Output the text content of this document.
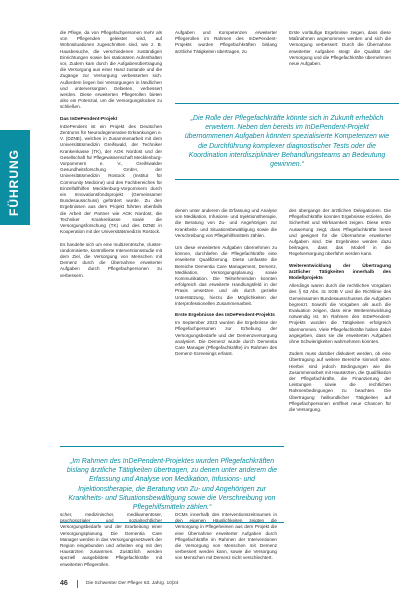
FÜHRUNG

die Pflege, da von Pflegefachpersonen mehr als von Pflegenden geleistet wird, auf Wohnsituationen zugeschnitten sind, wie z. B. Hausbesuche, die verschiedenen zuständigen Einrichtungen sowie bei stationären Aufenthalten vor, Zudem kam durch die Aufgabenübertragung die Versorgung aus einer Hand zustande und die Zugänge zur Versorgung verbesserten sich. Außerdem liegen bei Versorgungen in ländlichen und unterversorgten Gebieten, verbessert werden. Diese erweiterten Pflegerollen bieten also ein Potenzial, um die Versorgungslücken zu schließen.

Das InDePendent-Projekt

InDePendent ist ein Projekt des Deutschen Zentrums für Neurodegenerative Erkrankungen e. V. (DZNE), welches in Zusammenarbeit mit dem Universitätsmedizin Greifswald, der Techniker Krankenkasse (TK), der AOK Nordost und der Gesellschaft für Pflegewissenschaft Mecklenburg-Vorpommern e. V., Greifswalder Gesundheitsforschung GmbH, der Universitätsmedizin Rostock (Institut für Community Medicine) und des Fachbereiches für Einzelfallhilfen Mecklenburg-Vorpommern durch ein Innovationsfondsprojekt (Gemeinsamer Bundesausschuss) gefördert wurde. Zu den Ergebnissen aus dem Projekt führten ebenfalls die Arbeit der Partner wie AOK Nordost, die Techniker Krankenkasse sowie die Versorgungsforschung (TK) und des DZNE in Kooperation mit der Universitätsmedizin Rostock.

Es handelte sich um eine multizentrische, cluster-randomisierte, kontrollierte Interventionsstudie mit dem Ziel, die Versorgung von Menschen mit Demenz durch die Übernahme erweiterter Aufgaben durch Pflegefachpersonen zu verbessern.

Aufgaben und Kompetenzen erweiterter Pflegerollen im Rahmen des InDePendent-Projekts wurden Pflegefachkräften bislang ärztliche Tätigkeiten übertragen, zu

Erste vorläufige Ergebnisse zeigen, dass diese Maßnahmen angenommen werden und sich die Versorgung verbessert: Durch die Übernahme erweiterter Aufgaben steigt die Qualität der Versorgung und die Pflegefachkräfte übernehmen neue Aufgaben.

„Die Rolle der Pflegefachkräfte könnte sich in Zukunft erheblich erweitern. Neben den bereits im InDePendent-Projekt übernommenen Aufgaben könnten spezialisierte Kompetenzen wie die Durchführung komplexer diagnostischer Tests oder die Koordination interdisziplinärer Behandlungsteams an Bedeutung gewinnen.“

denen unter anderem die Erfassung und Analyse von Medikation, Infusions- und Injektionstherapie, die Beratung von Zu- und Angehörigen zur Krankheits- und Situationsbewältigung sowie die Verschreibung von Pflegehilfsmitteln zählen.

Um diese erweiterten Aufgaben übernehmen zu können, durchliefen die Pflegefachkräfte eine erweiterte Qualifizierung. Diese umfasste die Bereiche Dementia Care Management, Demenz, Medikation, Versorgungsplanung sowie Kommunikation. Die Teilnehmenden konnten erfolgreich das erweiterte Handlungsfeld in der Praxis umsetzen und als durch gezielte Unterstützung, hierzu die Möglichkeiten der Interprofessionellen Zusammenarbeit.

Erste Ergebnisse des InDePendent-Projekts

Im September 2023 wurden die Ergebnisse der Pflegefachpersonen zur Erhebung der Versorgungsbedarfe und der Demenzversorgung analysiert. Die Demenz wurde durch Dementia Care Manager (Pflegefachkräfte) im Rahmen des Demenz-Screenings erfasst.

des übergangs der ärztlichen Delegationen. Die Pflegefachkräfte konnten Ergebnisse erzielen, die Sicherheit und Wirksamkeit zeigen. Diese erste Auswertung zeigt, dass Pflegefachkräfte bereit und geeignet für die Übernahme erweiterter Aufgaben sind. Die Ergebnisse werden dazu beitragen, dass das Modell in die Regelversorgung überführt werden kann.

Weiterentwicklung der Übertragung ärztlicher Tätigkeiten innerhalb des Modellprojekts

Allerdings waren durch die rechtlichen Vorgaben des § 63 Abs. 3c SGB V und die Richtlinie des Gemeinsamen Bundesausschusses die Aufgaben begrenzt. Sowohl die Vorgaben als auch die Evaluation zeigen, dass eine Weiterentwicklung notwendig ist. Im Rahmen des InDePendent-Projekts wurden die Tätigkeiten erfolgreich übernommen. Viele Pflegefachkräfte haben dabei angegeben, dass sie die erweiterten Aufgaben ohne Schwierigkeiten wahrnehmen konnten.

Zudem muss darüber diskutiert werden, ob eine Übertragung auf weitere Bereiche sinnvoll wäre. Hierbei sind jedoch Bedingungen wie die Zusammenarbeit mit Hausärzten, die Qualifikation der Pflegefachkräfte, die Finanzierung der Leistungen sowie die rechtlichen Rahmenbedingungen zu beachten. Die Übertragung heilkundlicher Tätigkeiten auf Pflegefachpersonen eröffnet neue Chancen für die Versorgung.

„Im Rahmen des InDePendent-Projektes wurden Pflegefachkräften bislang ärztliche Tätigkeiten übertragen, zu denen unter anderem die Erfassung und Analyse von Medikation, Infusions- und Injektionstherapie, die Beratung von Zu- und Angehörigen zur Krankheits- und Situationsbewältigung sowie die Verschreibung von Pflegehilfsmitteln zählen.“

scher, medizinischer, medikamentöser, psychosozialer und sozialrechtlicher Versorgungsbedarfe und der Erarbeitung einer Versorgungsplanung. Die Dementia Care Manager werden in das Versorgungsnetzwerk der Region eingebunden und arbeiten eng mit den Hausärzten zusammen. Zusätzlich werden speziell ausgebildete Pflegefachkräfte mit erweiterten Pflegerollen.

DCMs innerhalb des Interventionszeitraumes in den eigenen Häuslichkeiten zeigten die Versorgung in Pflegeheimen aus dem Projekt die eine Übernahme erweiterter Aufgaben durch Pflegefachkräfte im Rahmen der Interventionen die Versorgung von Menschen mit Demenz verbessert werden kann, sowie die Versorgung von Menschen mit Demenz nicht verschlechtert.

46	Die Schwester Der Pfleger 63. Jahrg. 10|24
